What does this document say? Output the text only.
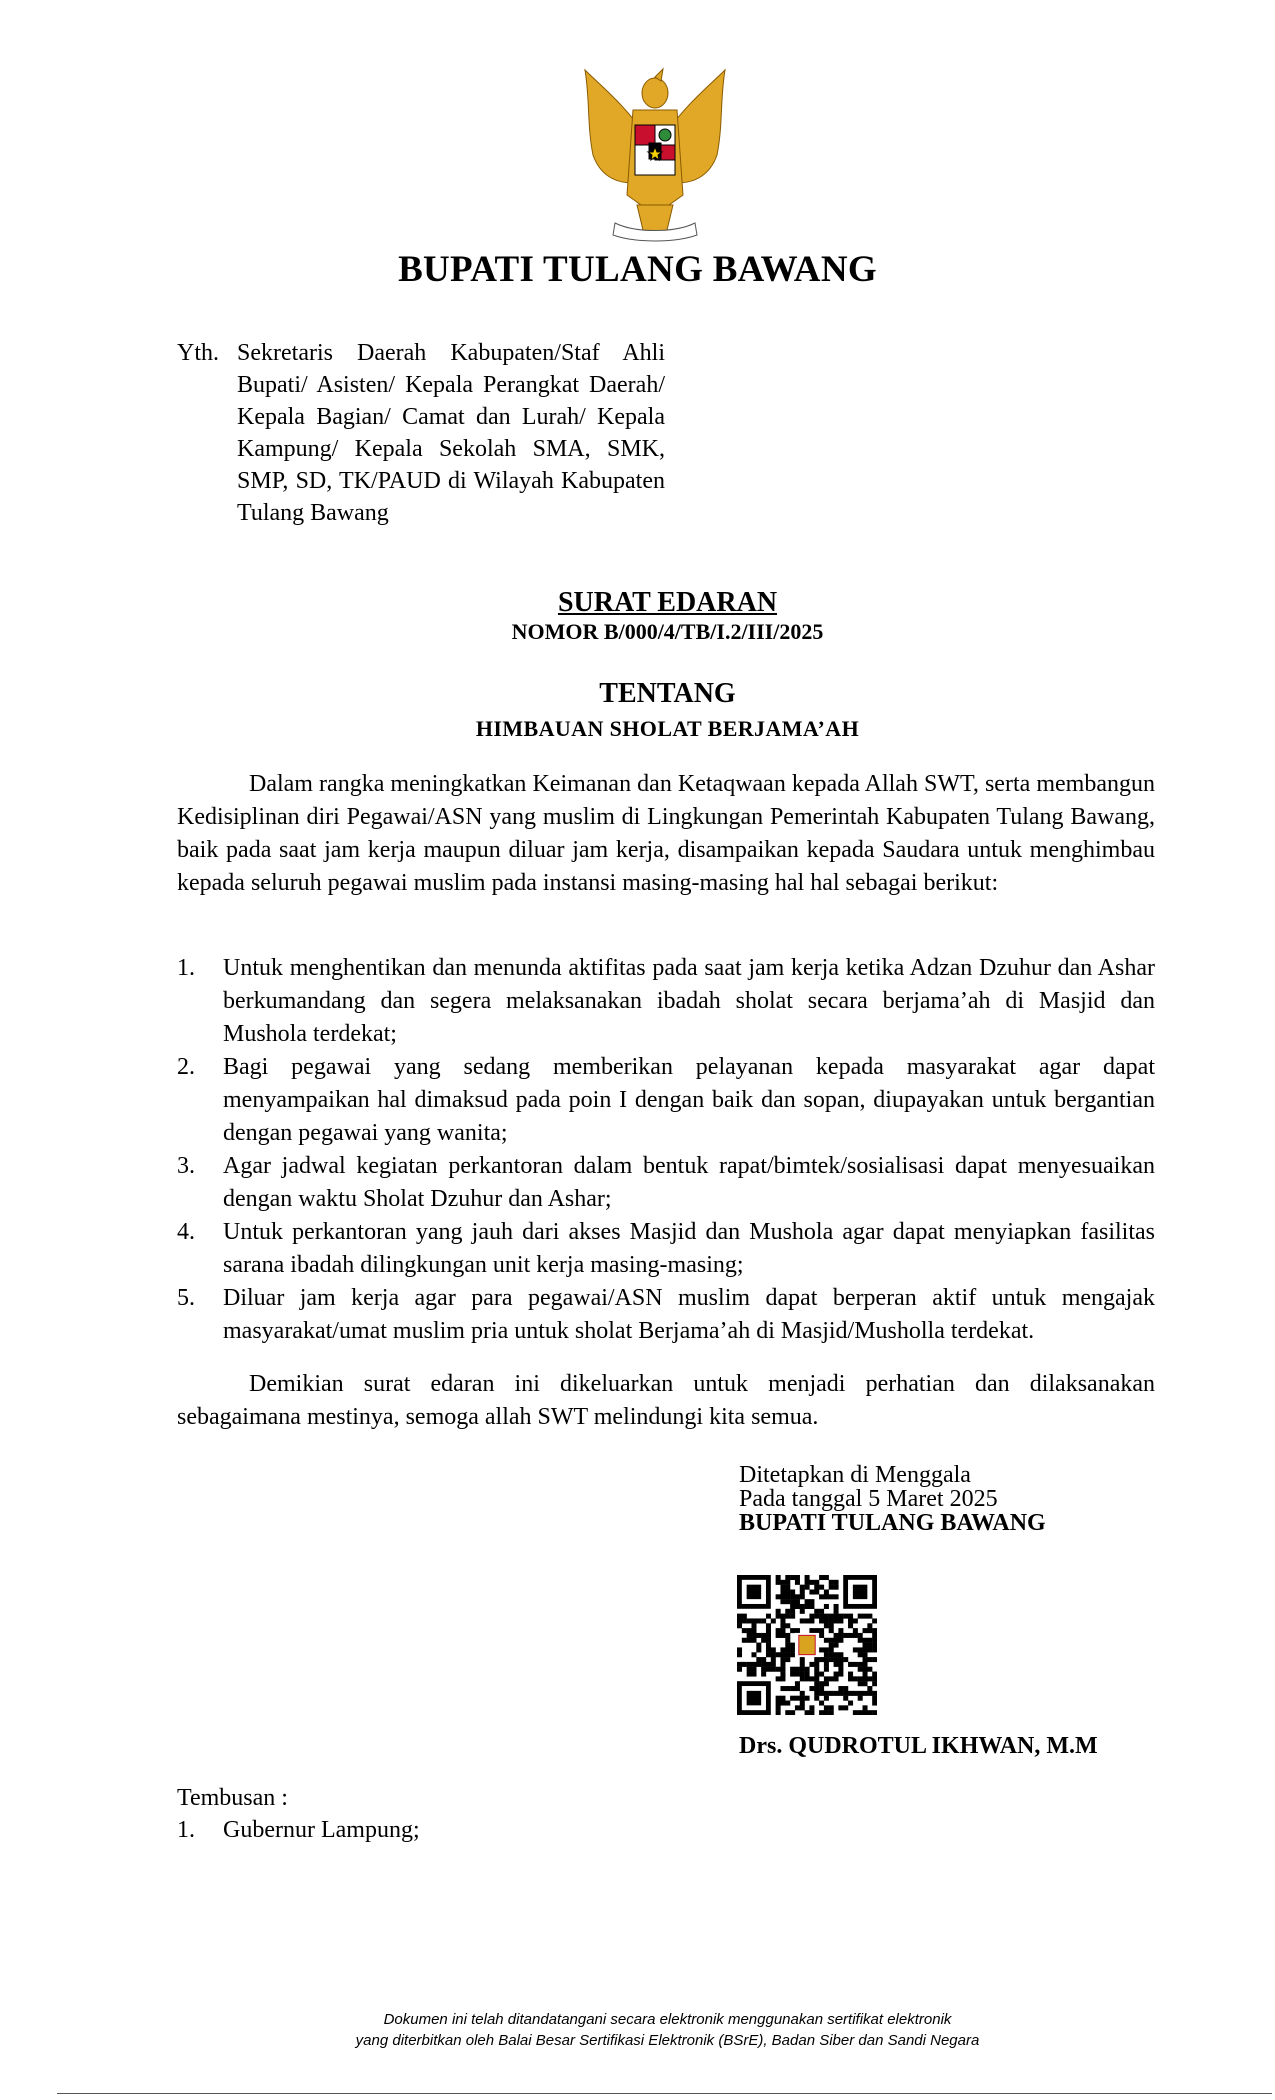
BUPATI TULANG BAWANG
Yth. Sekretaris Daerah Kabupaten/Staf Ahli Bupati/ Asisten/ Kepala Perangkat Daerah/ Kepala Bagian/ Camat dan Lurah/ Kepala Kampung/ Kepala Sekolah SMA, SMK, SMP, SD, TK/PAUD di Wilayah Kabupaten Tulang Bawang
SURAT EDARAN
NOMOR B/000/4/TB/I.2/III/2025
TENTANG
HIMBAUAN SHOLAT BERJAMA’AH
Dalam rangka meningkatkan Keimanan dan Ketaqwaan kepada Allah SWT, serta membangun Kedisiplinan diri Pegawai/ASN yang muslim di Lingkungan Pemerintah Kabupaten Tulang Bawang, baik pada saat jam kerja maupun diluar jam kerja, disampaikan kepada Saudara untuk menghimbau kepada seluruh pegawai muslim pada instansi masing-masing hal hal sebagai berikut:
1.	Untuk menghentikan dan menunda aktifitas pada saat jam kerja ketika Adzan Dzuhur dan Ashar berkumandang dan segera melaksanakan ibadah sholat secara berjama’ah di Masjid dan Mushola terdekat;
2.	Bagi pegawai yang sedang memberikan pelayanan kepada masyarakat agar dapat menyampaikan hal dimaksud pada poin I dengan baik dan sopan, diupayakan untuk bergantian dengan pegawai yang wanita;
3.	Agar jadwal kegiatan perkantoran dalam bentuk rapat/bimtek/sosialisasi dapat menyesuaikan dengan waktu Sholat Dzuhur dan Ashar;
4.	Untuk perkantoran yang jauh dari akses Masjid dan Mushola agar dapat menyiapkan fasilitas sarana ibadah dilingkungan unit kerja masing-masing;
5.	Diluar jam kerja agar para pegawai/ASN muslim dapat berperan aktif untuk mengajak masyarakat/umat muslim pria untuk sholat Berjama’ah di Masjid/Musholla terdekat.
Demikian surat edaran ini dikeluarkan untuk menjadi perhatian dan dilaksanakan sebagaimana mestinya, semoga allah SWT melindungi kita semua.
Ditetapkan di Menggala
Pada tanggal 5 Maret 2025
BUPATI TULANG BAWANG
Drs. QUDROTUL IKHWAN, M.M
Tembusan :
1.	Gubernur Lampung;
Dokumen ini telah ditandatangani secara elektronik menggunakan sertifikat elektronik
yang diterbitkan oleh Balai Besar Sertifikasi Elektronik (BSrE), Badan Siber dan Sandi Negara
